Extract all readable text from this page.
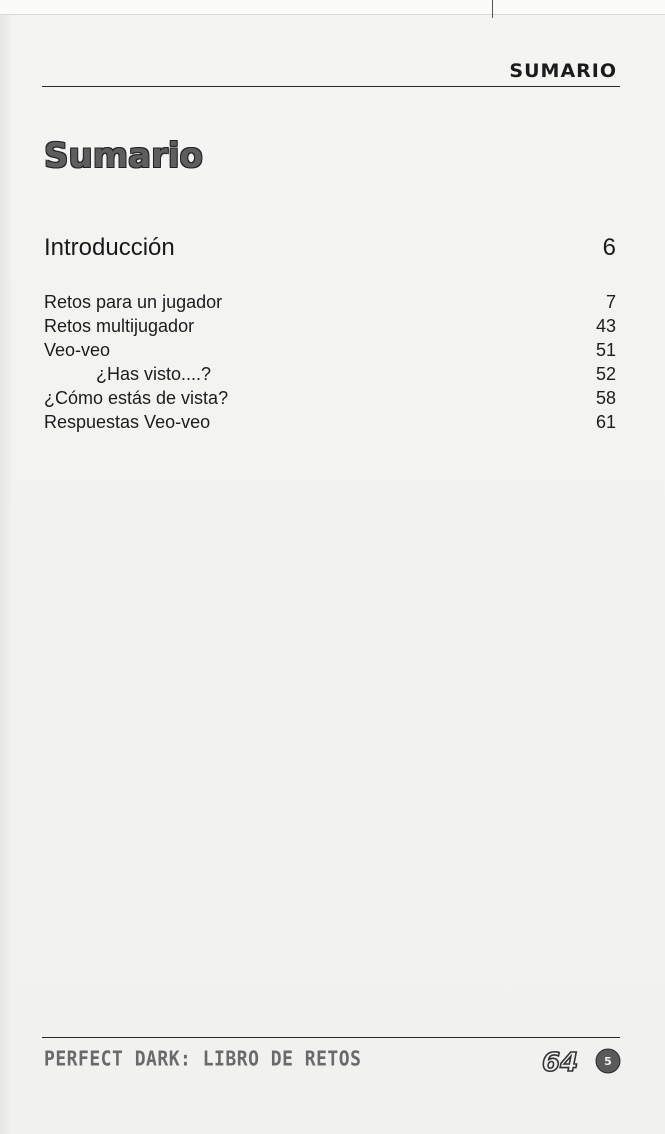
SUMARIO
Sumario
Introducción	6
Retos para un jugador	7
Retos multijugador	43
Veo-veo	51
¿Has visto....?	52
¿Cómo estás de vista?	58
Respuestas Veo-veo	61
PERFECT DARK: LIBRO DE RETOS	64 5
